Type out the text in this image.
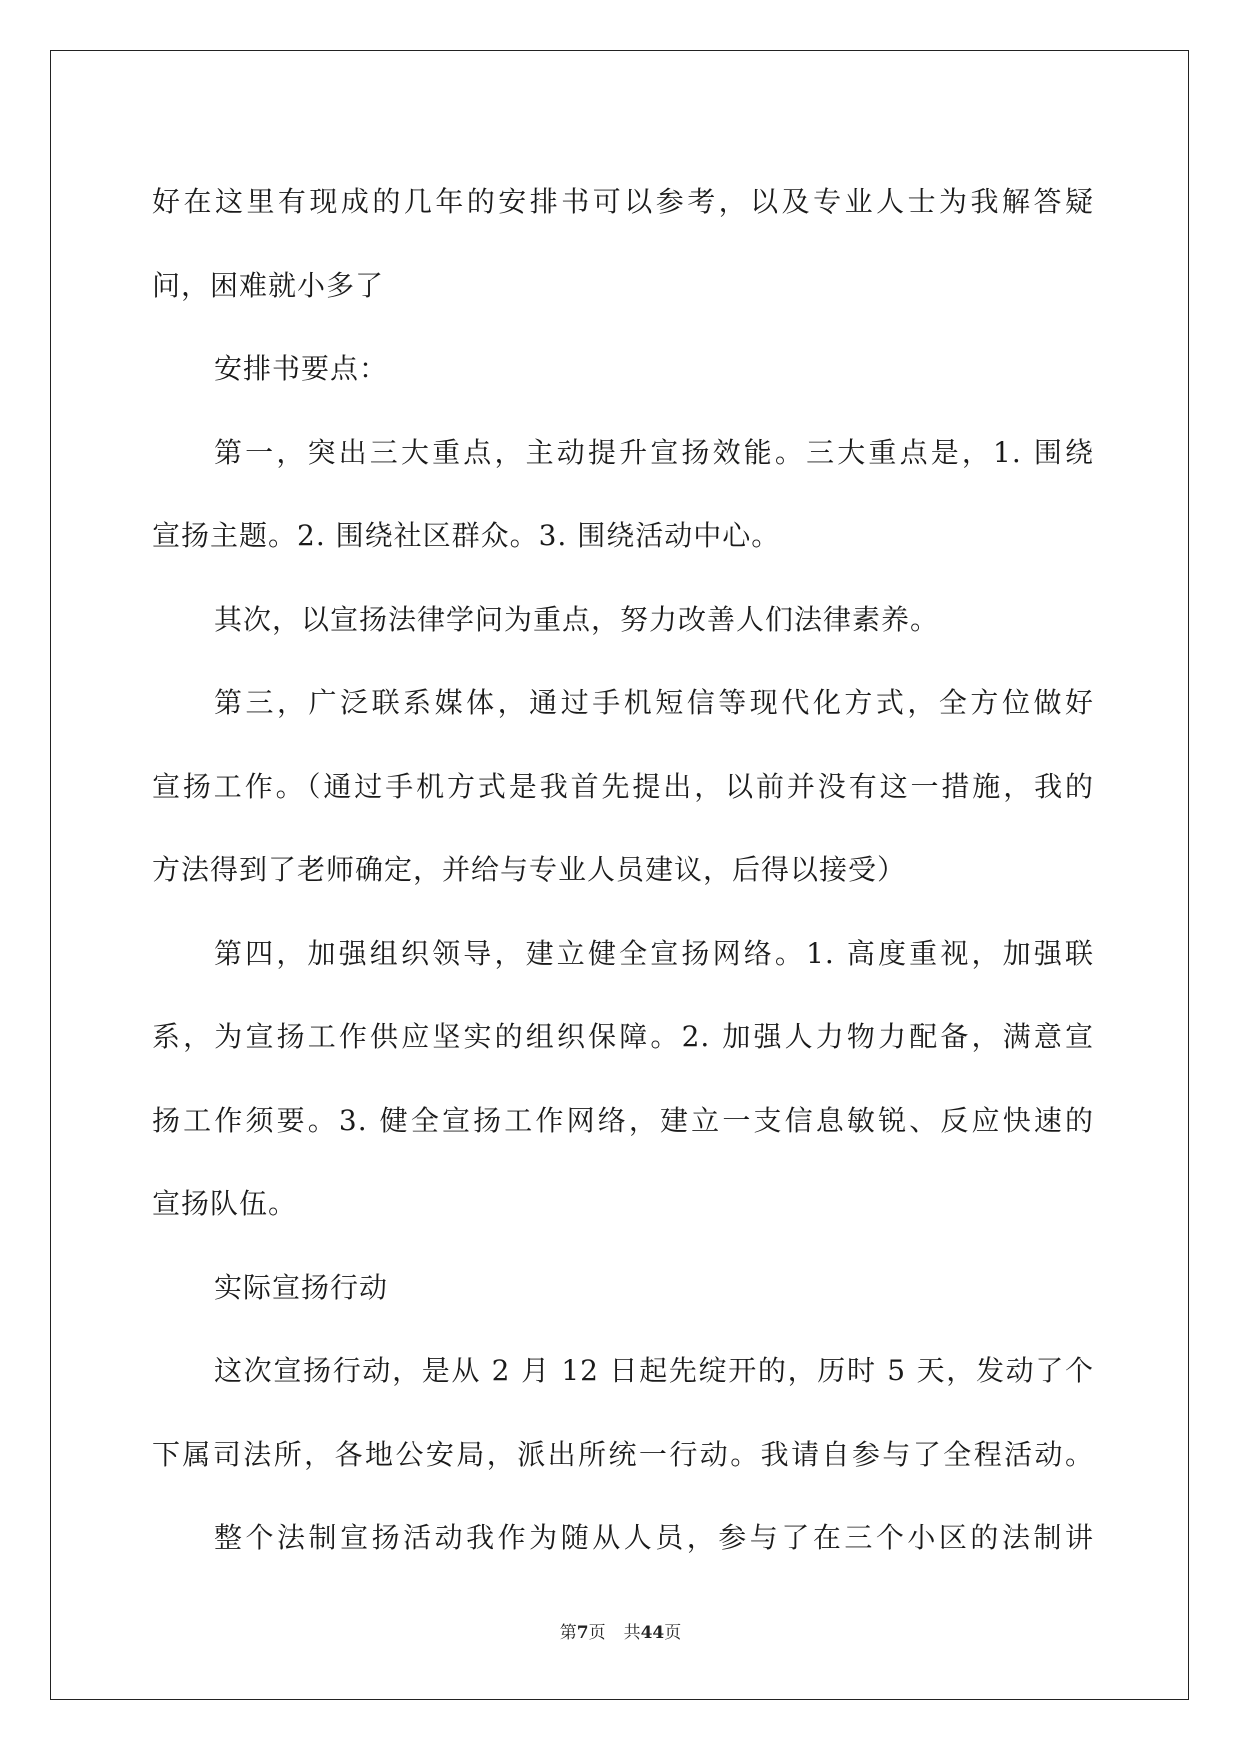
好在这里有现成的几年的安排书可以参考，以及专业人士为我解答疑
问，困难就小多了
安排书要点：
第一，突出三大重点，主动提升宣扬效能。三大重点是，1. 围绕
宣扬主题。2. 围绕社区群众。3. 围绕活动中心。
其次，以宣扬法律学问为重点，努力改善人们法律素养。
第三，广泛联系媒体，通过手机短信等现代化方式，全方位做好
宣扬工作。（通过手机方式是我首先提出，以前并没有这一措施，我的
方法得到了老师确定，并给与专业人员建议，后得以接受）
第四，加强组织领导，建立健全宣扬网络。1. 高度重视，加强联
系，为宣扬工作供应坚实的组织保障。2. 加强人力物力配备，满意宣
扬工作须要。3. 健全宣扬工作网络，建立一支信息敏锐、反应快速的
宣扬队伍。
实际宣扬行动
这次宣扬行动，是从 2 月 12 日起先绽开的，历时 5 天，发动了个
下属司法所，各地公安局，派出所统一行动。我请自参与了全程活动。
整个法制宣扬活动我作为随从人员，参与了在三个小区的法制讲
第7页 共44页
